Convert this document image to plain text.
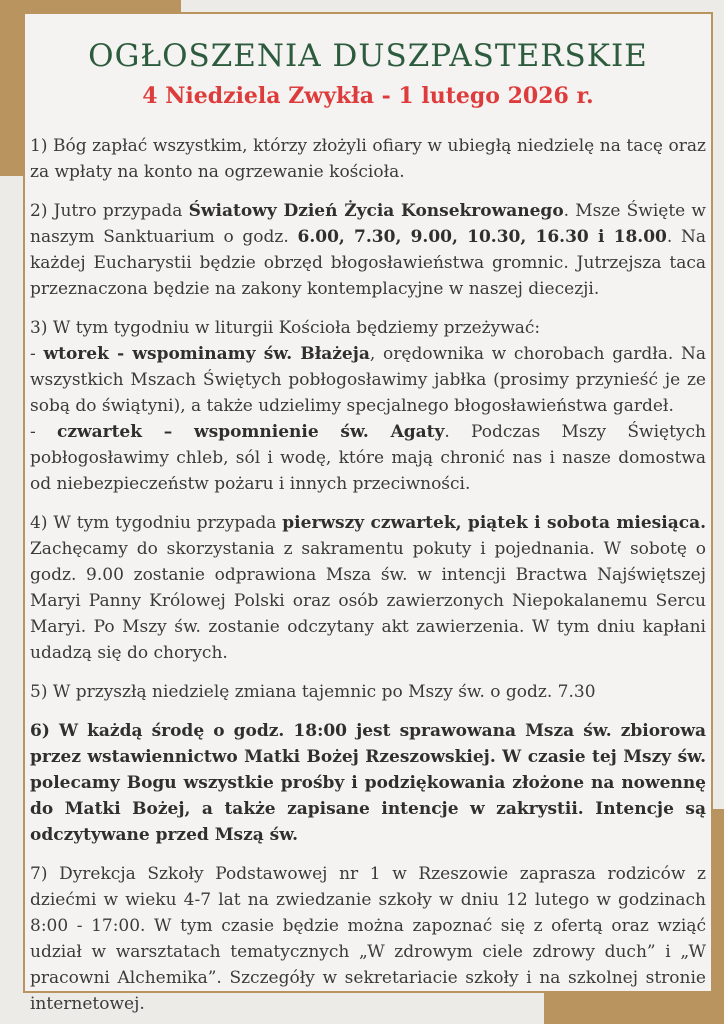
OGŁOSZENIA DUSZPASTERSKIE
4 Niedziela Zwykła - 1 lutego 2026 r.

1) Bóg zapłać wszystkim, którzy złożyli ofiary w ubiegłą niedzielę na tacę oraz za wpłaty na konto na ogrzewanie kościoła.

2) Jutro przypada Światowy Dzień Życia Konsekrowanego. Msze Święte w naszym Sanktuarium o godz. 6.00, 7.30, 9.00, 10.30, 16.30 i 18.00. Na każdej Eucharystii będzie obrzęd błogosławieństwa gromnic. Jutrzejsza taca przeznaczona będzie na zakony kontemplacyjne w naszej diecezji.

3) W tym tygodniu w liturgii Kościoła będziemy przeżywać:
- wtorek - wspominamy św. Błażeja, orędownika w chorobach gardła. Na wszystkich Mszach Świętych pobłogosławimy jabłka (prosimy przynieść je ze sobą do świątyni), a także udzielimy specjalnego błogosławieństwa gardeł.
- czwartek – wspomnienie św. Agaty. Podczas Mszy Świętych pobłogosławimy chleb, sól i wodę, które mają chronić nas i nasze domostwa od niebezpieczeństw pożaru i innych przeciwności.

4) W tym tygodniu przypada pierwszy czwartek, piątek i sobota miesiąca. Zachęcamy do skorzystania z sakramentu pokuty i pojednania. W sobotę o godz. 9.00 zostanie odprawiona Msza św. w intencji Bractwa Najświętszej Maryi Panny Królowej Polski oraz osób zawierzonych Niepokalanemu Sercu Maryi. Po Mszy św. zostanie odczytany akt zawierzenia. W tym dniu kapłani udadzą się do chorych.

5) W przyszłą niedzielę zmiana tajemnic po Mszy św. o godz. 7.30

6) W każdą środę o godz. 18:00 jest sprawowana Msza św. zbiorowa przez wstawiennictwo Matki Bożej Rzeszowskiej. W czasie tej Mszy św. polecamy Bogu wszystkie prośby i podziękowania złożone na nowennę do Matki Bożej, a także zapisane intencje w zakrystii. Intencje są odczytywane przed Mszą św.

7) Dyrekcja Szkoły Podstawowej nr 1 w Rzeszowie zaprasza rodziców z dziećmi w wieku 4-7 lat na zwiedzanie szkoły w dniu 12 lutego w godzinach 8:00 - 17:00. W tym czasie będzie można zapoznać się z ofertą oraz wziąć udział w warsztatach tematycznych „W zdrowym ciele zdrowy duch” i „W pracowni Alchemika”. Szczegóły w sekretariacie szkoły i na szkolnej stronie internetowej.
